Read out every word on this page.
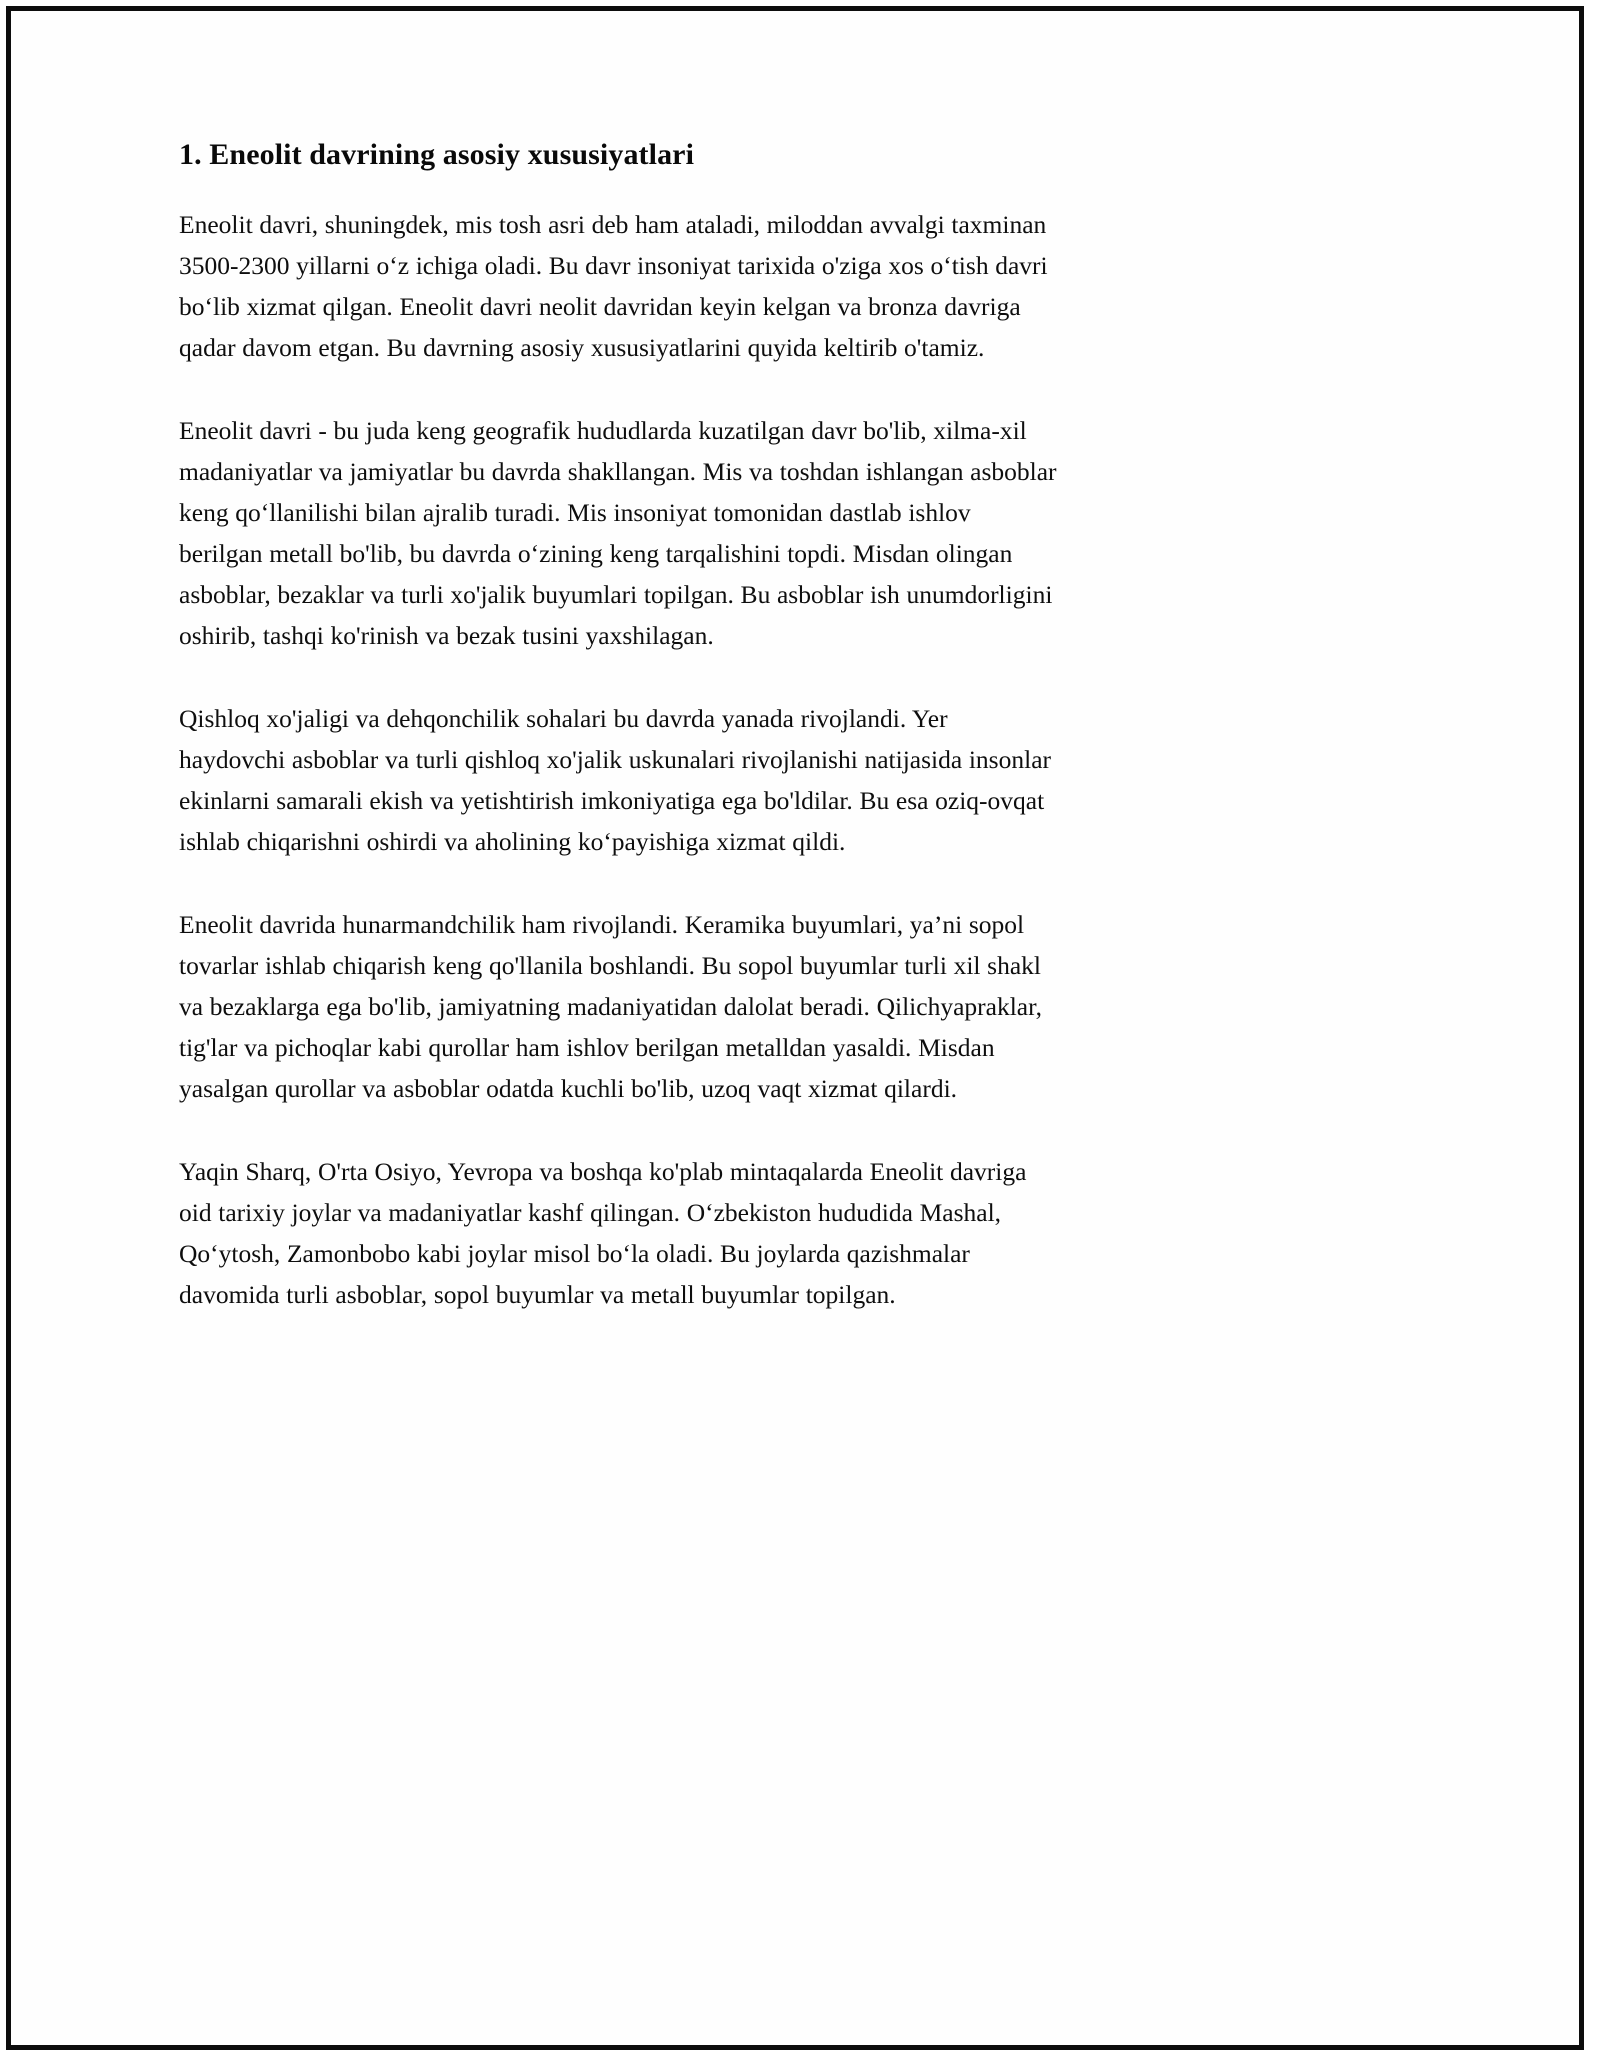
1. Eneolit davrining asosiy xususiyatlari

Eneolit davri, shuningdek, mis tosh asri deb ham ataladi, miloddan avvalgi taxminan 3500-2300 yillarni o‘z ichiga oladi. Bu davr insoniyat tarixida o'ziga xos o‘tish davri bo‘lib xizmat qilgan. Eneolit davri neolit davridan keyin kelgan va bronza davriga qadar davom etgan. Bu davrning asosiy xususiyatlarini quyida keltirib o'tamiz.

Eneolit davri - bu juda keng geografik hududlarda kuzatilgan davr bo'lib, xilma-xil madaniyatlar va jamiyatlar bu davrda shakllangan. Mis va toshdan ishlangan asboblar keng qo‘llanilishi bilan ajralib turadi. Mis insoniyat tomonidan dastlab ishlov berilgan metall bo'lib, bu davrda o‘zining keng tarqalishini topdi. Misdan olingan asboblar, bezaklar va turli xo'jalik buyumlari topilgan. Bu asboblar ish unumdorligini oshirib, tashqi ko'rinish va bezak tusini yaxshilagan.

Qishloq xo'jaligi va dehqonchilik sohalari bu davrda yanada rivojlandi. Yer haydovchi asboblar va turli qishloq xo'jalik uskunalari rivojlanishi natijasida insonlar ekinlarni samarali ekish va yetishtirish imkoniyatiga ega bo'ldilar. Bu esa oziq-ovqat ishlab chiqarishni oshirdi va aholining ko‘payishiga xizmat qildi.

Eneolit davrida hunarmandchilik ham rivojlandi. Keramika buyumlari, ya’ni sopol tovarlar ishlab chiqarish keng qo'llanila boshlandi. Bu sopol buyumlar turli xil shakl va bezaklarga ega bo'lib, jamiyatning madaniyatidan dalolat beradi. Qilichyapraklar, tig'lar va pichoqlar kabi qurollar ham ishlov berilgan metalldan yasaldi. Misdan yasalgan qurollar va asboblar odatda kuchli bo'lib, uzoq vaqt xizmat qilardi.

Yaqin Sharq, O'rta Osiyo, Yevropa va boshqa ko'plab mintaqalarda Eneolit davriga oid tarixiy joylar va madaniyatlar kashf qilingan. O‘zbekiston hududida Mashal, Qo‘ytosh, Zamonbobo kabi joylar misol bo‘la oladi. Bu joylarda qazishmalar davomida turli asboblar, sopol buyumlar va metall buyumlar topilgan.
